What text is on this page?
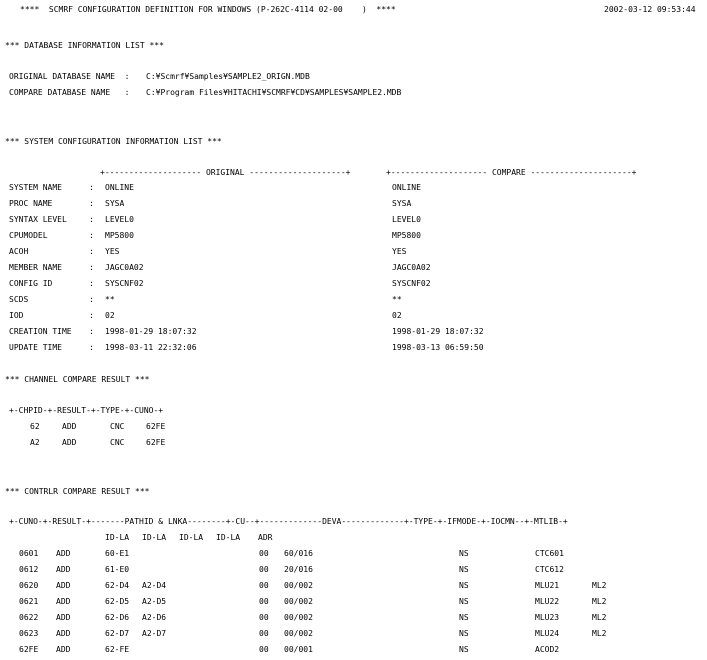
****  SCMRF CONFIGURATION DEFINITION FOR WINDOWS (P-262C-4114 02-00    )  ****	2002-03-12 09:53:44
*** DATABASE INFORMATION LIST ***
ORIGINAL DATABASE NAME  : C:¥Scmrf¥Samples¥SAMPLE2_ORIGN.MDB
COMPARE DATABASE NAME   : C:¥Program Files¥HITACHI¥SCMRF¥CD¥SAMPLES¥SAMPLE2.MDB
*** SYSTEM CONFIGURATION INFORMATION LIST ***
+-------------------- ORIGINAL --------------------+	+-------------------- COMPARE ---------------------+
SYSTEM NAME	: ONLINE	ONLINE
PROC NAME	: SYSA	SYSA
SYNTAX LEVEL	: LEVEL0	LEVEL0
CPUMODEL	: MP5800	MP5800
ACOH	: YES	YES
MEMBER NAME	: JAGC0A02	JAGC0A02
CONFIG ID	: SYSCNF02	SYSCNF02
SCDS	: **	**
IOD	: 02	02
CREATION TIME : 1998-01-29 18:07:32	1998-01-29 18:07:32
UPDATE TIME	: 1998-03-11 22:32:06	1998-03-13 06:59:50
*** CHANNEL COMPARE RESULT ***
+-CHPID-+-RESULT-+-TYPE-+-CUNO-+
62	ADD	CNC	62FE
A2	ADD	CNC	62FE
*** CONTRLR COMPARE RESULT ***
+-CUNO-+-RESULT-+-------PATHID & LNKA--------+-CU--+-------------DEVA-------------+-TYPE-+-IFMODE-+-IOCMN--+-MTLIB-+
ID-LA ID-LA ID-LA ID-LA ADR
0601 ADD	60-E1	00 60/016	NS	CTC601
0612 ADD	61-E0	00 20/016	NS	CTC612
0620 ADD	62-D4 A2-D4	00 00/002	NS	MLU21	ML2
0621 ADD	62-D5 A2-D5	00 00/002	NS	MLU22	ML2
0622 ADD	62-D6 A2-D6	00 00/002	NS	MLU23	ML2
0623 ADD	62-D7 A2-D7	00 00/002	NS	MLU24	ML2
62FE ADD	62-FE	00 00/001	NS	ACOD2
